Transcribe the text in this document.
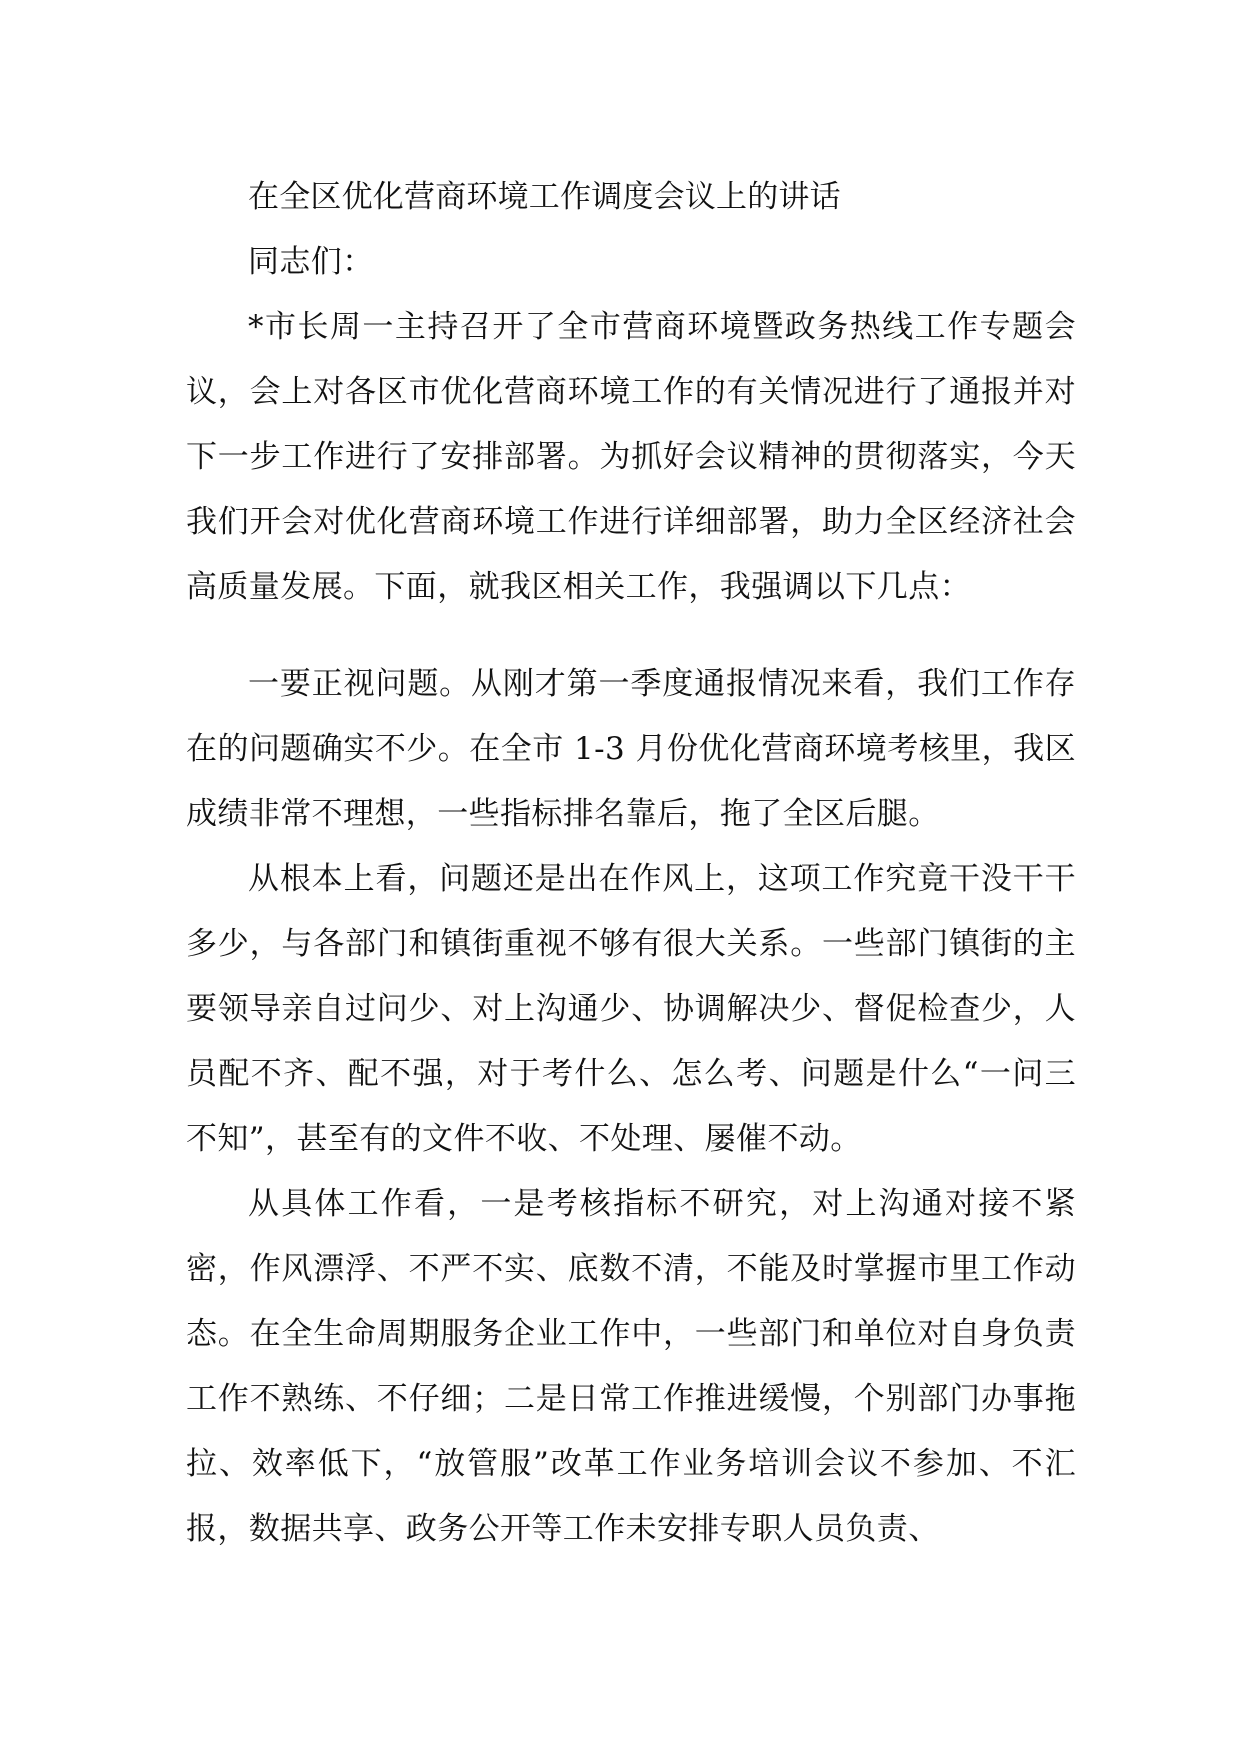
在全区优化营商环境工作调度会议上的讲话

同志们：

*市长周一主持召开了全市营商环境暨政务热线工作专题会议，会上对各区市优化营商环境工作的有关情况进行了通报并对下一步工作进行了安排部署。为抓好会议精神的贯彻落实，今天我们开会对优化营商环境工作进行详细部署，助力全区经济社会高质量发展。下面，就我区相关工作，我强调以下几点：

一要正视问题。从刚才第一季度通报情况来看，我们工作存在的问题确实不少。在全市 1-3 月份优化营商环境考核里，我区成绩非常不理想，一些指标排名靠后，拖了全区后腿。

从根本上看，问题还是出在作风上，这项工作究竟干没干干多少，与各部门和镇街重视不够有很大关系。一些部门镇街的主要领导亲自过问少、对上沟通少、协调解决少、督促检查少，人员配不齐、配不强，对于考什么、怎么考、问题是什么“一问三不知”，甚至有的文件不收、不处理、屡催不动。

从具体工作看，一是考核指标不研究，对上沟通对接不紧密，作风漂浮、不严不实、底数不清，不能及时掌握市里工作动态。在全生命周期服务企业工作中，一些部门和单位对自身负责工作不熟练、不仔细；二是日常工作推进缓慢，个别部门办事拖拉、效率低下，“放管服”改革工作业务培训会议不参加、不汇报，数据共享、政务公开等工作未安排专职人员负责、
